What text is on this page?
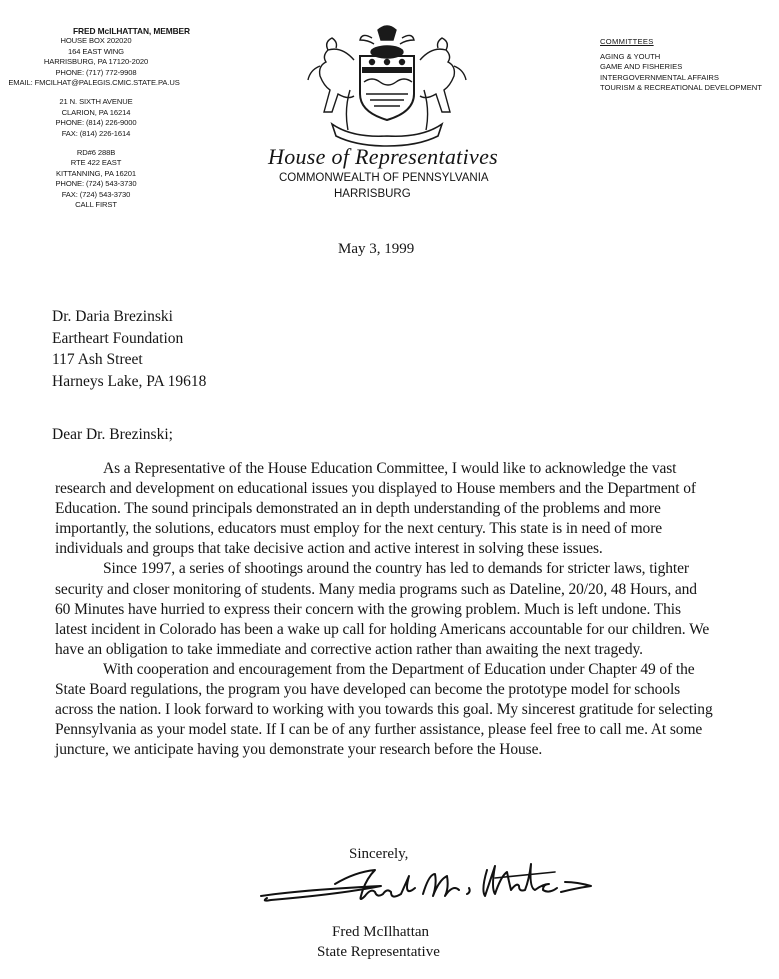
FRED McILHATTAN, MEMBER
HOUSE BOX 202020
164 EAST WING
HARRISBURG, PA 17120-2020
PHONE: (717) 772-9908
EMAIL: FMCILHAT@PALEGIS.CMIC.STATE.PA.US
21 N. SIXTH AVENUE
CLARION, PA 16214
PHONE: (814) 226-9000
FAX: (814) 226-1614
RD#6 288B
RTE 422 EAST
KITTANNING, PA 16201
PHONE: (724) 543-3730
FAX: (724) 543-3730
CALL FIRST
COMMITTEES
AGING & YOUTH
GAME AND FISHERIES
INTERGOVERNMENTAL AFFAIRS
TOURISM & RECREATIONAL DEVELOPMENT
House of Representatives
COMMONWEALTH OF PENNSYLVANIA
HARRISBURG
May 3, 1999
Dr. Daria Brezinski
Eartheart Foundation
117 Ash Street
Harneys Lake, PA 19618
Dear Dr. Brezinski;

As a Representative of the House Education Committee, I would like to acknowledge the vast research and development on educational issues you displayed to House members and the Department of Education. The sound principals demonstrated an in depth understanding of the problems and more importantly, the solutions, educators must employ for the next century. This state is in need of more individuals and groups that take decisive action and active interest in solving these issues.

Since 1997, a series of shootings around the country has led to demands for stricter laws, tighter security and closer monitoring of students. Many media programs such as Dateline, 20/20, 48 Hours, and 60 Minutes have hurried to express their concern with the growing problem. Much is left undone. This latest incident in Colorado has been a wake up call for holding Americans accountable for our children. We have an obligation to take immediate and corrective action rather than awaiting the next tragedy.

With cooperation and encouragement from the Department of Education under Chapter 49 of the State Board regulations, the program you have developed can become the prototype model for schools across the nation. I look forward to working with you towards this goal. My sincerest gratitude for selecting Pennsylvania as your model state. If I can be of any further assistance, please feel free to call me. At some juncture, we anticipate having you demonstrate your research before the House.

Sincerely,
Fred McIlhattan
State Representative
